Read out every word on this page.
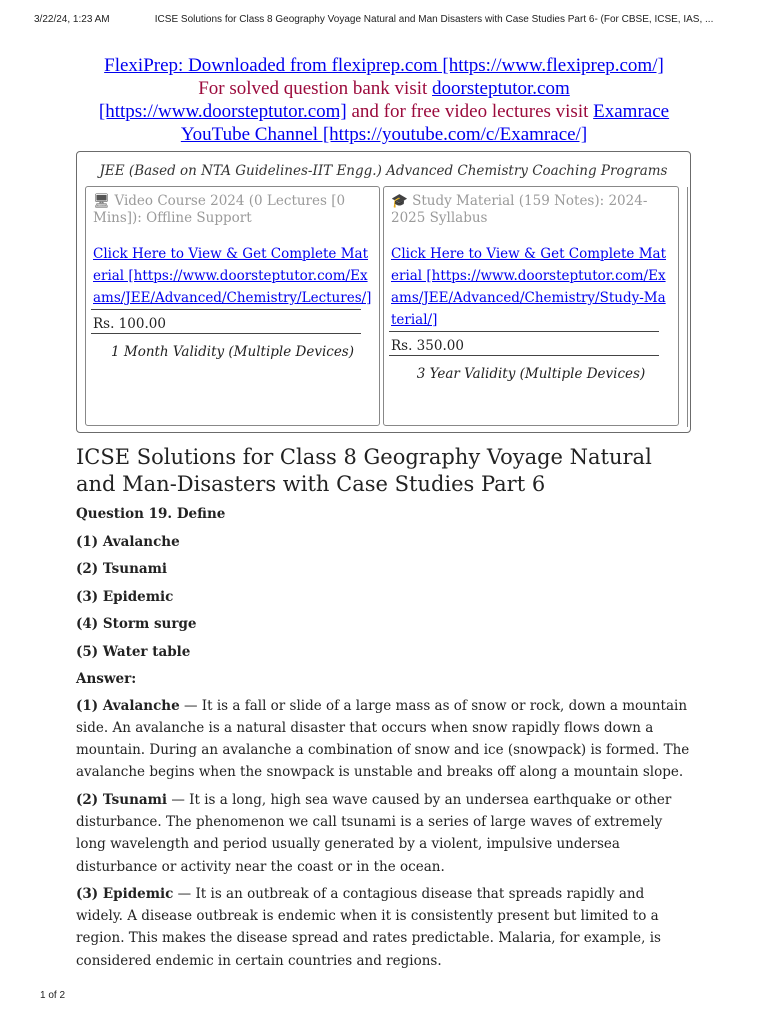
3/22/24, 1:23 AM	ICSE Solutions for Class 8 Geography Voyage Natural and Man Disasters with Case Studies Part 6- (For CBSE, ICSE, IAS, ...
FlexiPrep: Downloaded from flexiprep.com [https://www.flexiprep.com/]
For solved question bank visit doorsteptutor.com [https://www.doorsteptutor.com] and for free video lectures visit Examrace YouTube Channel [https://youtube.com/c/Examrace/]
JEE (Based on NTA Guidelines-IIT Engg.) Advanced Chemistry Coaching Programs
🖥 Video Course 2024 (0 Lectures [0 Mins]): Offline Support
Click Here to View & Get Complete Material [https://www.doorsteptutor.com/Exams/JEE/Advanced/Chemistry/Lectures/]
Rs. 100.00
1 Month Validity (Multiple Devices)
🎓 Study Material (159 Notes): 2024-2025 Syllabus
Click Here to View & Get Complete Material [https://www.doorsteptutor.com/Exams/JEE/Advanced/Chemistry/Study-Material/]
Rs. 350.00
3 Year Validity (Multiple Devices)
ICSE Solutions for Class 8 Geography Voyage Natural and Man-Disasters with Case Studies Part 6

Question 19. Define

(1) Avalanche

(2) Tsunami

(3) Epidemic

(4) Storm surge

(5) Water table

Answer:

(1) Avalanche — It is a fall or slide of a large mass as of snow or rock, down a mountain side. An avalanche is a natural disaster that occurs when snow rapidly flows down a mountain. During an avalanche a combination of snow and ice (snowpack) is formed. The avalanche begins when the snowpack is unstable and breaks off along a mountain slope.

(2) Tsunami — It is a long, high sea wave caused by an undersea earthquake or other disturbance. The phenomenon we call tsunami is a series of large waves of extremely long wavelength and period usually generated by a violent, impulsive undersea disturbance or activity near the coast or in the ocean.

(3) Epidemic — It is an outbreak of a contagious disease that spreads rapidly and widely. A disease outbreak is endemic when it is consistently present but limited to a region. This makes the disease spread and rates predictable. Malaria, for example, is considered endemic in certain countries and regions.

1 of 2
